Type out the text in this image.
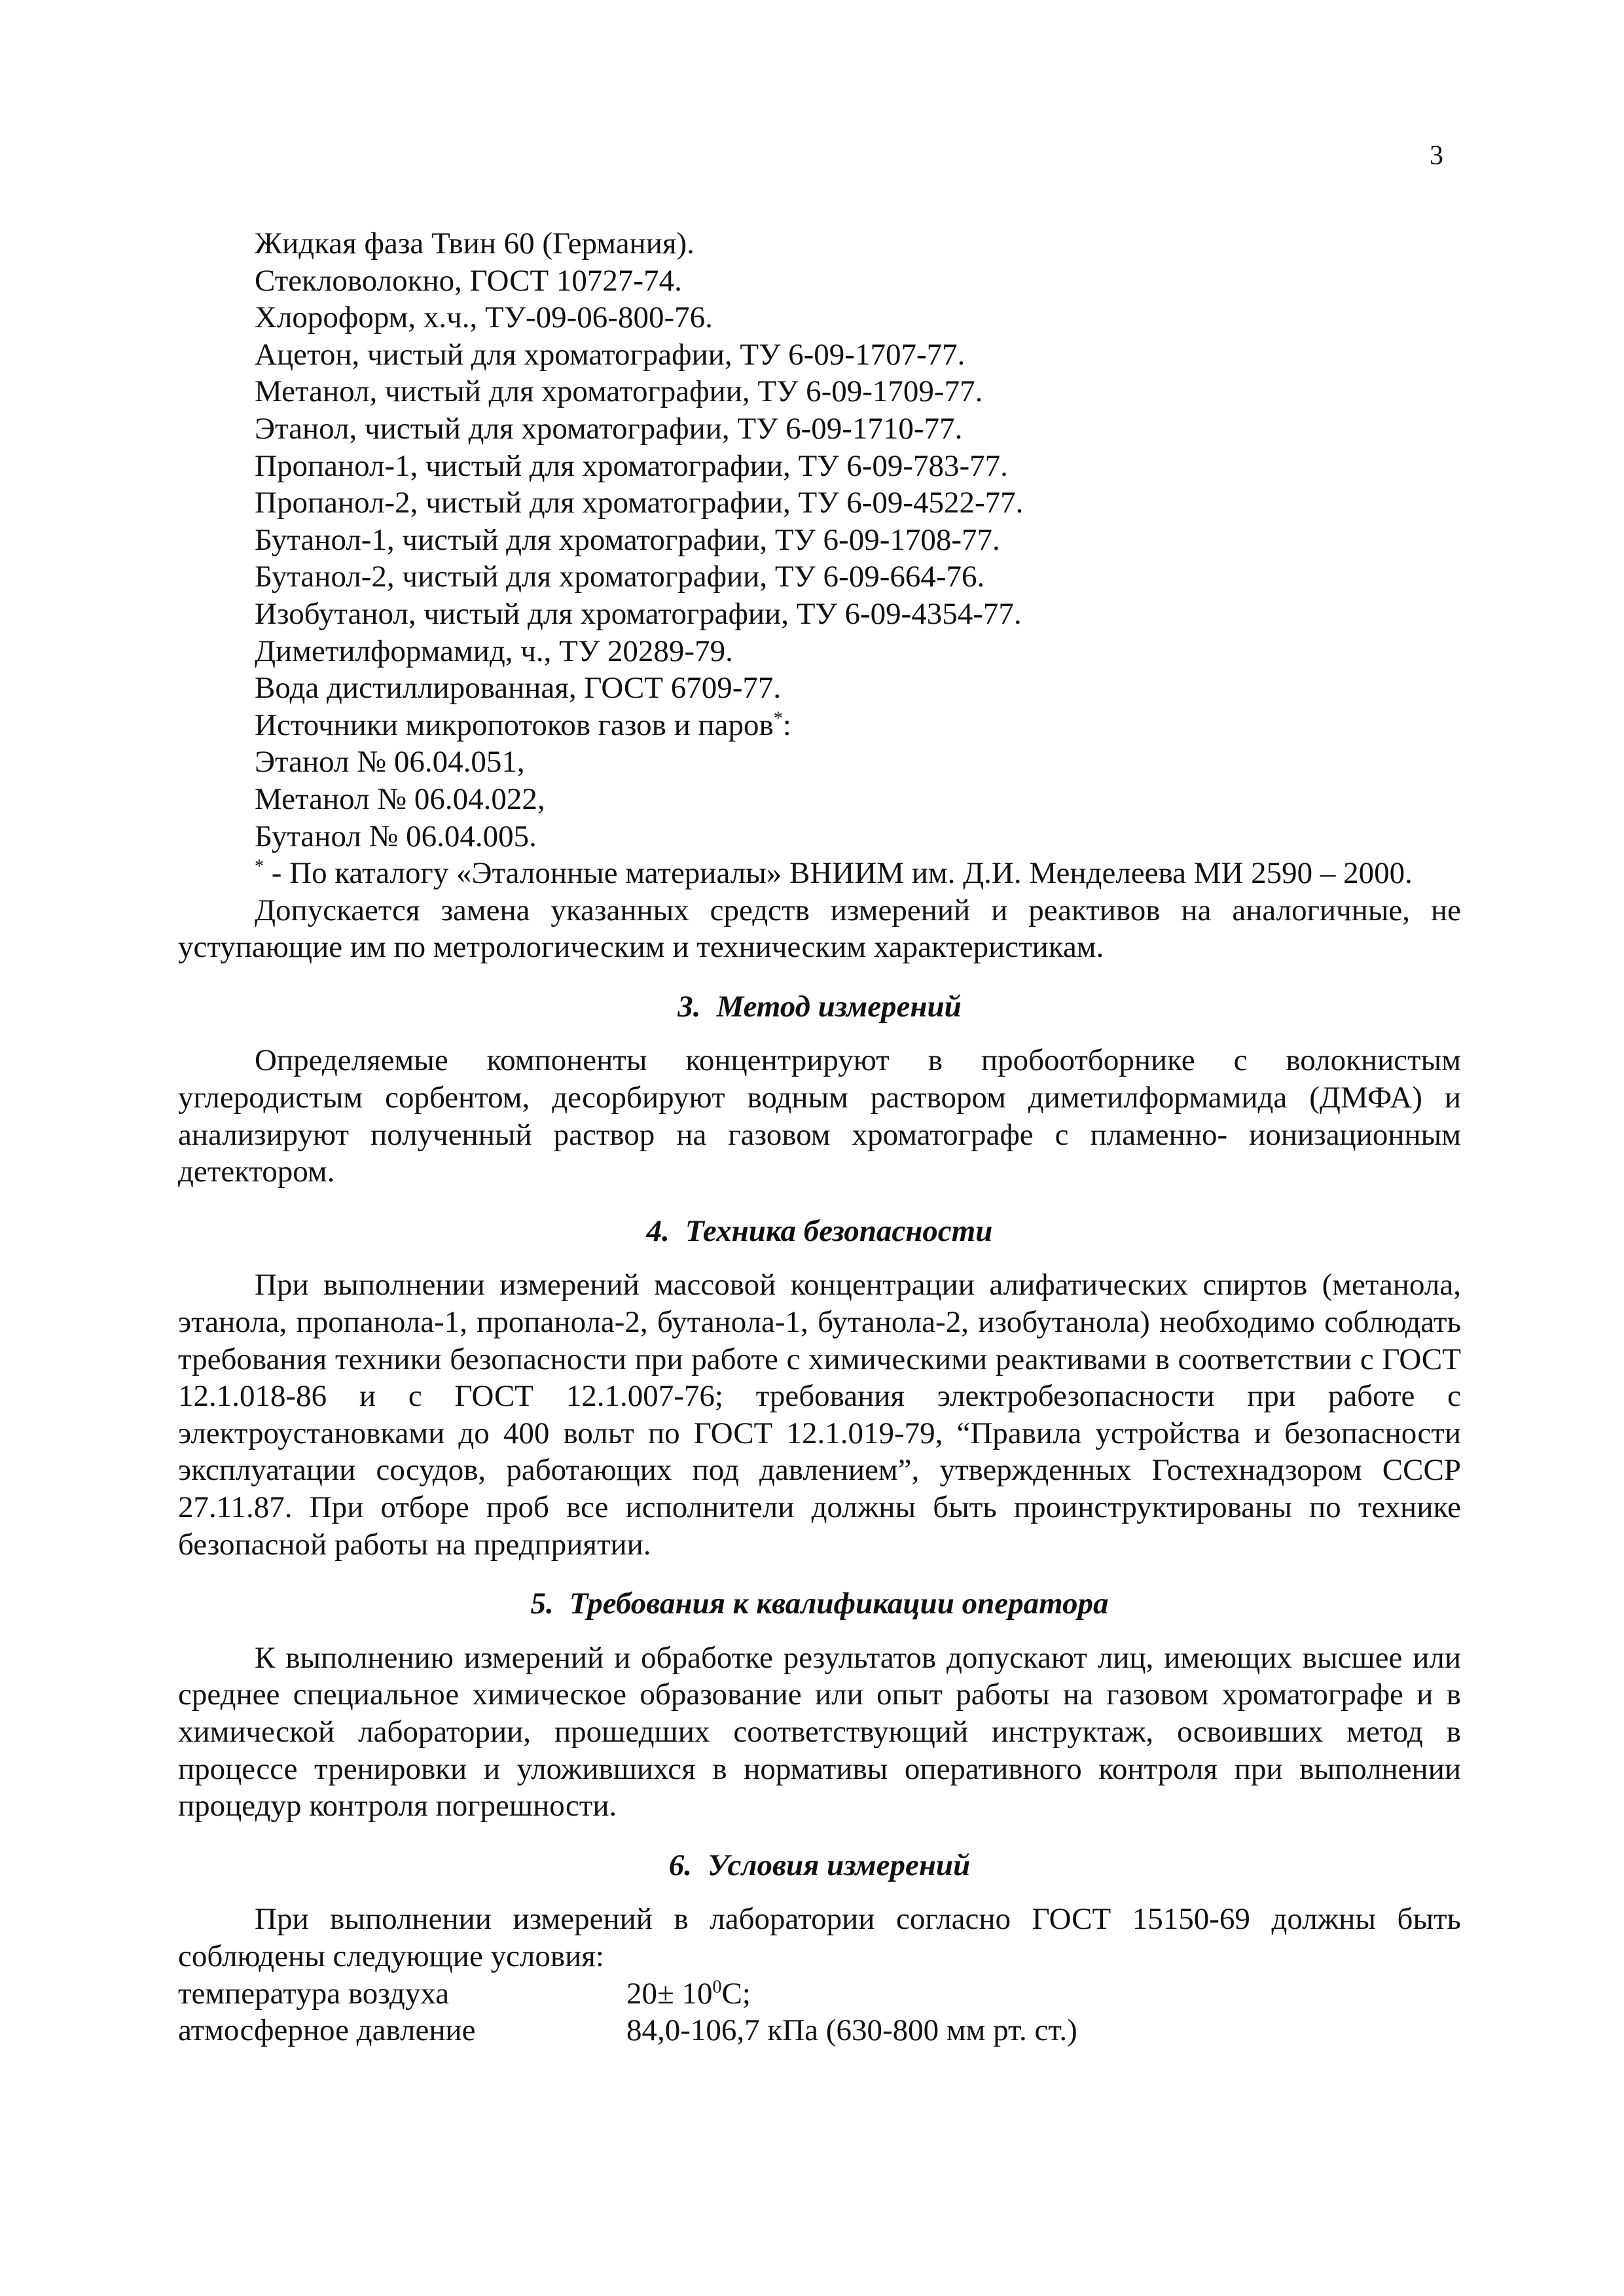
3
Жидкая фаза Твин 60 (Германия).
Стекловолокно, ГОСТ 10727-74.
Хлороформ, х.ч., ТУ-09-06-800-76.
Ацетон, чистый для хроматографии, ТУ 6-09-1707-77.
Метанол, чистый для хроматографии, ТУ 6-09-1709-77.
Этанол, чистый для хроматографии, ТУ 6-09-1710-77.
Пропанол-1, чистый для хроматографии, ТУ 6-09-783-77.
Пропанол-2, чистый для хроматографии, ТУ 6-09-4522-77.
Бутанол-1, чистый для хроматографии, ТУ 6-09-1708-77.
Бутанол-2, чистый для хроматографии, ТУ 6-09-664-76.
Изобутанол, чистый для хроматографии, ТУ 6-09-4354-77.
Диметилформамид, ч., ТУ 20289-79.
Вода дистиллированная, ГОСТ 6709-77.
Источники микропотоков газов и паров*:
Этанол № 06.04.051,
Метанол № 06.04.022,
Бутанол № 06.04.005.

* - По каталогу «Эталонные материалы» ВНИИМ им. Д.И. Менделеева МИ 2590 – 2000.

Допускается замена указанных средств измерений и реактивов на аналогичные, не уступающие им по метрологическим и техническим характеристикам.

3. Метод измерений

Определяемые компоненты концентрируют в пробоотборнике с волокнистым углеродистым сорбентом, десорбируют водным раствором диметилформамида (ДМФА) и анализируют полученный раствор на газовом хроматографе с пламенно- ионизационным детектором.

4. Техника безопасности

При выполнении измерений массовой концентрации алифатических спиртов (метанола, этанола, пропанола-1, пропанола-2, бутанола-1, бутанола-2, изобутанола) необходимо соблюдать требования техники безопасности при работе с химическими реактивами в соответствии с ГОСТ 12.1.018-86 и с ГОСТ 12.1.007-76; требования электробезопасности при работе с электроустановками до 400 вольт по ГОСТ 12.1.019-79, “Правила устройства и безопасности эксплуатации сосудов, работающих под давлением”, утвержденных Гостехнадзором СССР 27.11.87. При отборе проб все исполнители должны быть проинструктированы по технике безопасной работы на предприятии.

5. Требования к квалификации оператора

К выполнению измерений и обработке результатов допускают лиц, имеющих высшее или среднее специальное химическое образование или опыт работы на газовом хроматографе и в химической лаборатории, прошедших соответствующий инструктаж, освоивших метод в процессе тренировки и уложившихся в нормативы оперативного контроля при выполнении процедур контроля погрешности.

6. Условия измерений

При выполнении измерений в лаборатории согласно ГОСТ 15150-69 должны быть соблюдены следующие условия:

температура воздуха	$20\pm 10^0С$;
атмосферное давление	84,0-106,7 кПа (630-800 мм рт. ст.)
